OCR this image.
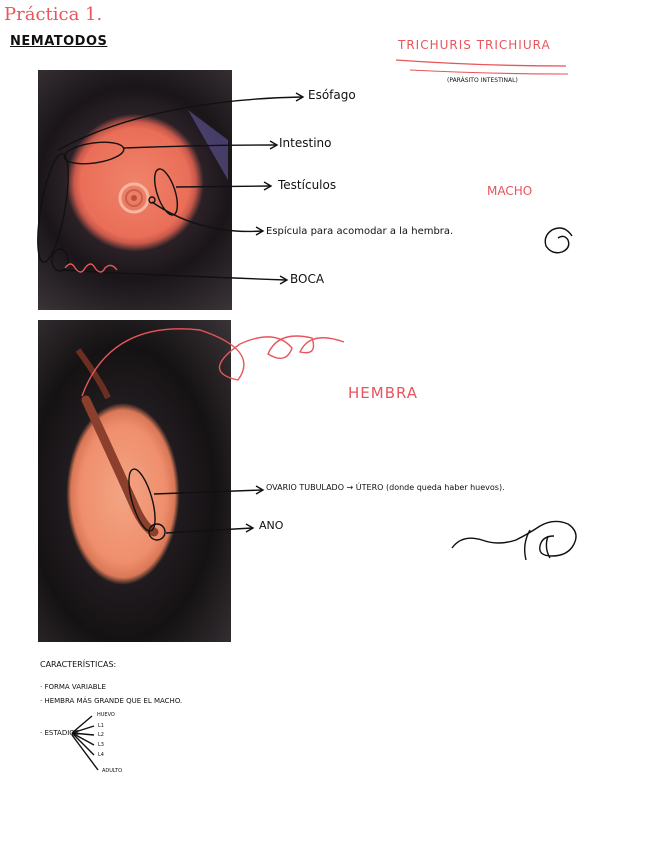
Práctica 1.
NEMATODOS	TRICHURIS TRICHIURA
(PARÁSITO INTESTINAL)
Esófago
Intestino
Testículos
Espícula para acomodar a la hembra.
BOCA
MACHO
HEMBRA
OVARIO TUBULADO → ÚTERO (donde queda haber huevos).
ANO
CARACTERÍSTICAS:
· FORMA VARIABLE
· HEMBRA MÁS GRANDE QUE EL MACHO.
· ESTADIOS
HUEVO
L1
L2
L3
L4
ADULTO
